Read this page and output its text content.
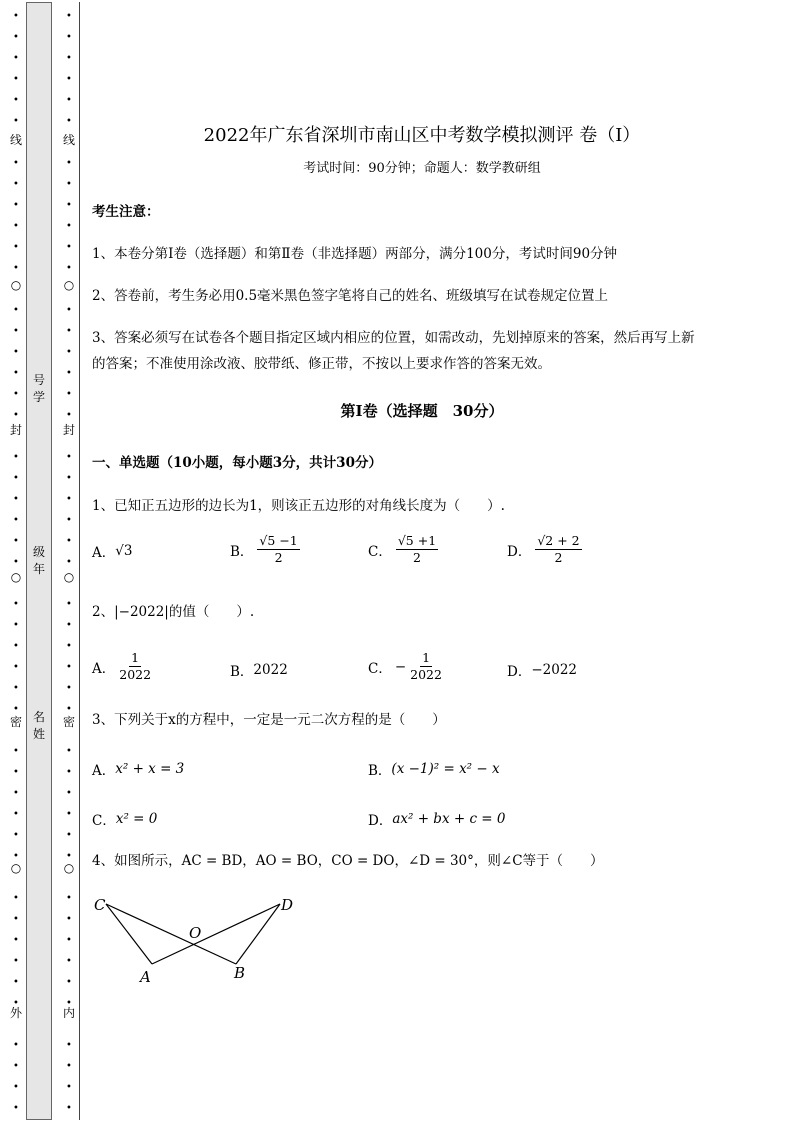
•
•
•
•
•
•
•
•
•
•
•
•
•
•
•
•
•
•
•
•
•
•
•
•
•
•
•
•
•
•
•
•
•
•
•
•
•
•
•
•
•
•
•
•
•
•
线
封
密
外
○
○
○
•
•
•
•
•
•
•
•
•
•
•
•
•
•
•
•
•
•
•
•
•
•
•
•
•
•
•
•
•
•
•
•
•
•
•
•
•
•
•
•
•
•
•
•
•
•
线
封
密
内
○
○
○
号
学
级
年
名
姓
2022年广东省深圳市南山区中考数学模拟测评 卷（Ⅰ）
考试时间：90分钟；命题人：数学教研组
考生注意：
1、本卷分第I卷（选择题）和第Ⅱ卷（非选择题）两部分，满分100分，考试时间90分钟
2、答卷前，考生务必用0.5毫米黑色签字笔将自己的姓名、班级填写在试卷规定位置上
3、答案必须写在试卷各个题目指定区域内相应的位置，如需改动，先划掉原来的答案，然后再写上新
的答案；不准使用涂改液、胶带纸、修正带，不按以上要求作答的答案无效。
第Ⅰ卷（选择题　30分）
一、单选题（10小题，每小题3分，共计30分）
1、已知正五边形的边长为1，则该正五边形的对角线长度为（　　）.
A． √3	B． $\frac{√5 -1}{2}$	C． $\frac{√5 +1}{2}$	D． $\frac{√2 + 2}{2}$
2、|−2022|的值（　　）.
A． $\frac{1}{2022}$	B． 2022	C． − $\frac{1}{2022}$	D． −2022
3、下列关于x的方程中，一定是一元二次方程的是（　　）
A． x² + x = 3	B． (x −1)² = x² − x
C． x² = 0	D． ax² + bx + c = 0
4、如图所示，AC = BD，AO = BO，CO = DO，∠D = 30°，则∠C等于（　　）
C
O
D
A	B
